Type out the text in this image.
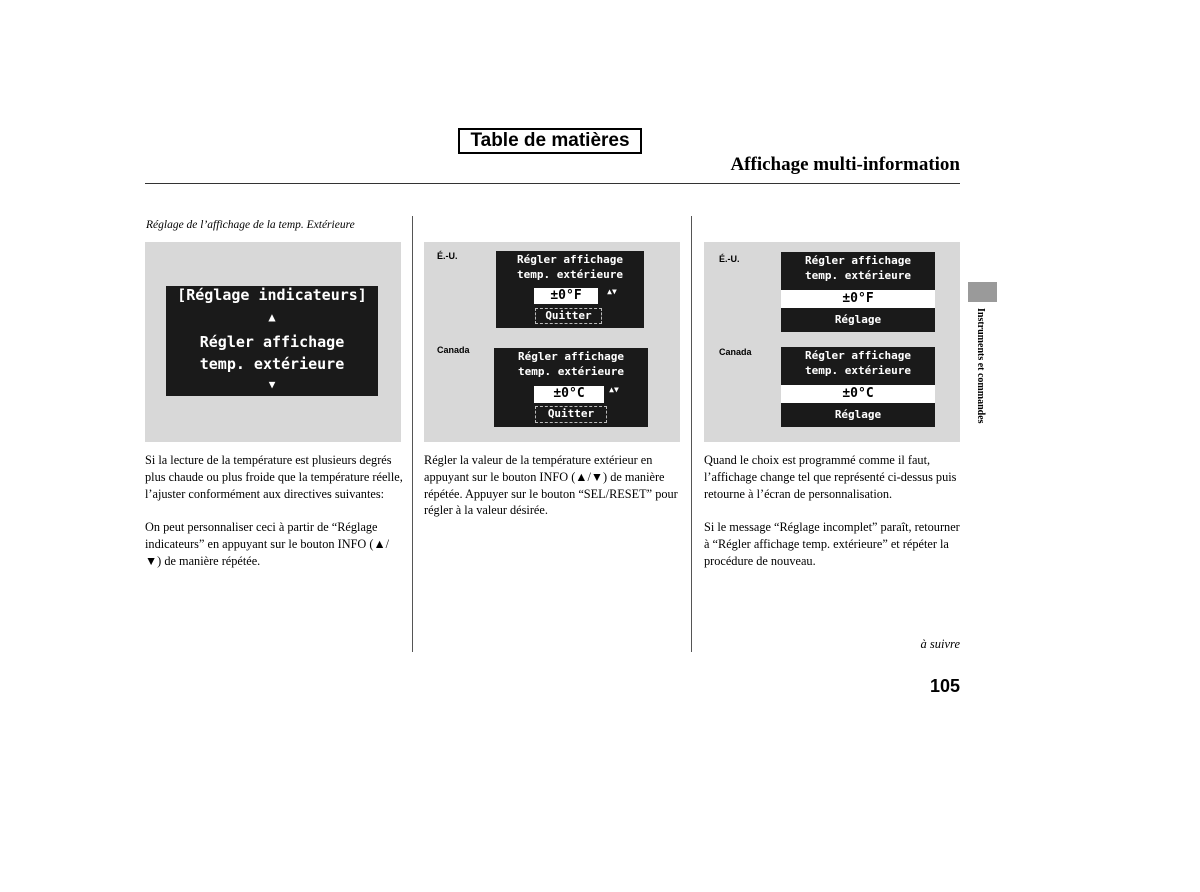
Table de matières
Affichage multi-information
Réglage de l’affichage de la temp. Extérieure
[Réglage indicateurs]
▲
Régler affichage
temp. extérieure
▼
É.-U.	Régler affichage
temp. extérieure
±0°F	▲▼
Quitter
Canada	Régler affichage
temp. extérieure
±0°C	▲▼
Quitter
É.-U.	Régler affichage
temp. extérieure
±0°F
Réglage
Canada	Régler affichage
temp. extérieure
±0°C
Réglage

Si la lecture de la température est plusieurs degrés plus chaude ou plus froide que la température réelle, l’ajuster conformément aux directives suivantes:

On peut personnaliser ceci à partir de “Réglage indicateurs” en appuyant sur le bouton INFO (▲/▼) de manière répétée.

Régler la valeur de la température extérieur en appuyant sur le bouton INFO (▲/▼) de manière répétée. Appuyer sur le bouton “SEL/RESET” pour régler à la valeur désirée.

Quand le choix est programmé comme il faut, l’affichage change tel que représenté ci-dessus puis retourne à l’écran de personnalisation.

Si le message “Réglage incomplet” paraît, retourner à “Régler affichage temp. extérieure” et répéter la procédure de nouveau.

Instruments et commandes
à suivre
105
